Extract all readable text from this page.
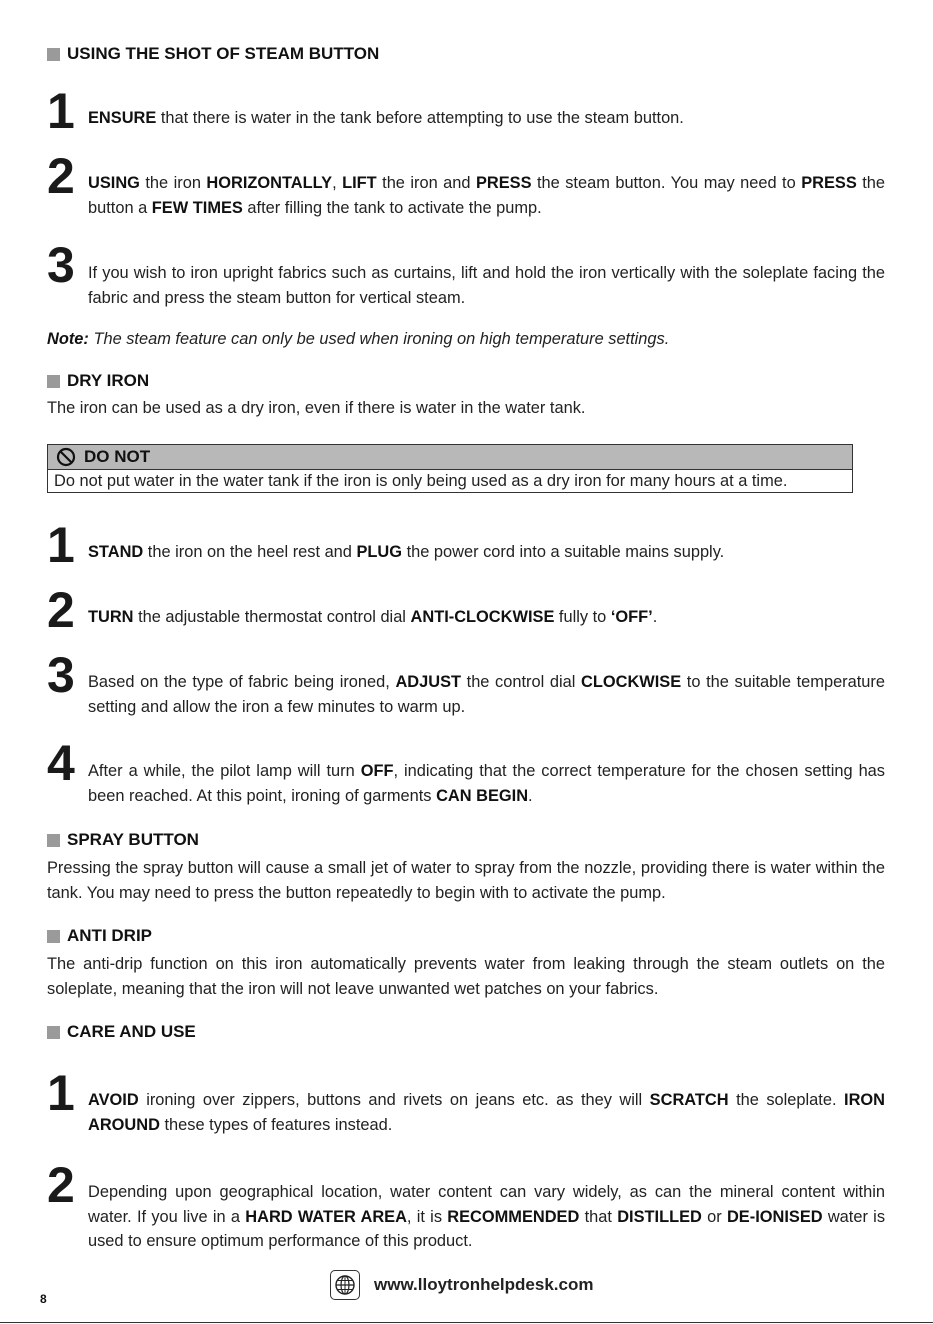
USING THE SHOT OF STEAM BUTTON
1 ENSURE that there is water in the tank before attempting to use the steam button.
2 USING the iron HORIZONTALLY, LIFT the iron and PRESS the steam button. You may need to PRESS the button a FEW TIMES after filling the tank to activate the pump.
3 If you wish to iron upright fabrics such as curtains, lift and hold the iron vertically with the soleplate facing the fabric and press the steam button for vertical steam.
Note: The steam feature can only be used when ironing on high temperature settings.
DRY IRON
The iron can be used as a dry iron, even if there is water in the water tank.
DO NOT
Do not put water in the water tank if the iron is only being used as a dry iron for many hours at a time.
1 STAND the iron on the heel rest and PLUG the power cord into a suitable mains supply.
2 TURN the adjustable thermostat control dial ANTI-CLOCKWISE fully to ‘OFF’.
3 Based on the type of fabric being ironed, ADJUST the control dial CLOCKWISE to the suitable temperature setting and allow the iron a few minutes to warm up.
4 After a while, the pilot lamp will turn OFF, indicating that the correct temperature for the chosen setting has been reached. At this point, ironing of garments CAN BEGIN.
SPRAY BUTTON
Pressing the spray button will cause a small jet of water to spray from the nozzle, providing there is water within the tank. You may need to press the button repeatedly to begin with to activate the pump.
ANTI DRIP
The anti-drip function on this iron automatically prevents water from leaking through the steam outlets on the soleplate, meaning that the iron will not leave unwanted wet patches on your fabrics.
CARE AND USE
1 AVOID ironing over zippers, buttons and rivets on jeans etc. as they will SCRATCH the soleplate. IRON AROUND these types of features instead.
2 Depending upon geographical location, water content can vary widely, as can the mineral content within water. If you live in a HARD WATER AREA, it is RECOMMENDED that DISTILLED or DE-IONISED water is used to ensure optimum performance of this product.
www.lloytronhelpdesk.com
8
